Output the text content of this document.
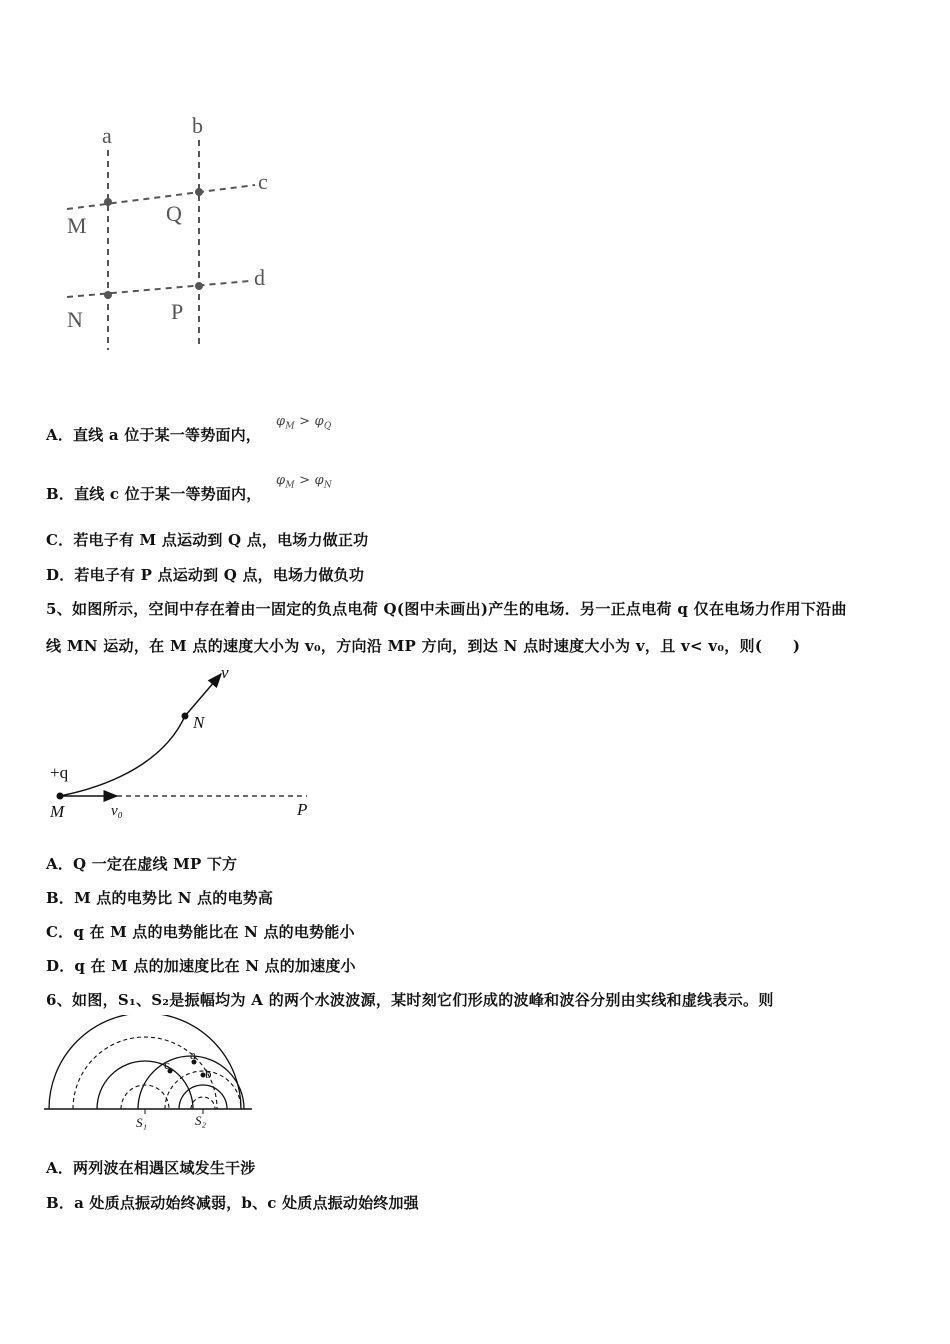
a	b
c
d
M	Q
N	P
A．直线 a 位于某一等势面内，
$\varphi_M > \varphi_Q$
B．直线 c 位于某一等势面内，
$\varphi_M > \varphi_N$
C．若电子有 M 点运动到 Q 点，电场力做正功
D．若电子有 P 点运动到 Q 点，电场力做负功
5、如图所示，空间中存在着由一固定的负点电荷 Q(图中未画出)产生的电场．另一正点电荷 q 仅在电场力作用下沿曲
线 MN 运动，在 M 点的速度大小为 v₀，方向沿 MP 方向，到达 N 点时速度大小为 v，且 v< v₀，则(　　)
v
N
+q
M	v₀	P
A．Q 一定在虚线 MP 下方
B．M 点的电势比 N 点的电势高
C．q 在 M 点的电势能比在 N 点的电势能小
D．q 在 M 点的加速度比在 N 点的加速度小
6、如图，S₁、S₂是振幅均为 A 的两个水波波源，某时刻它们形成的波峰和波谷分别由实线和虚线表示。则
a
b
c
S₁	S₂
A．两列波在相遇区域发生干涉
B．a 处质点振动始终减弱，b、c 处质点振动始终加强
